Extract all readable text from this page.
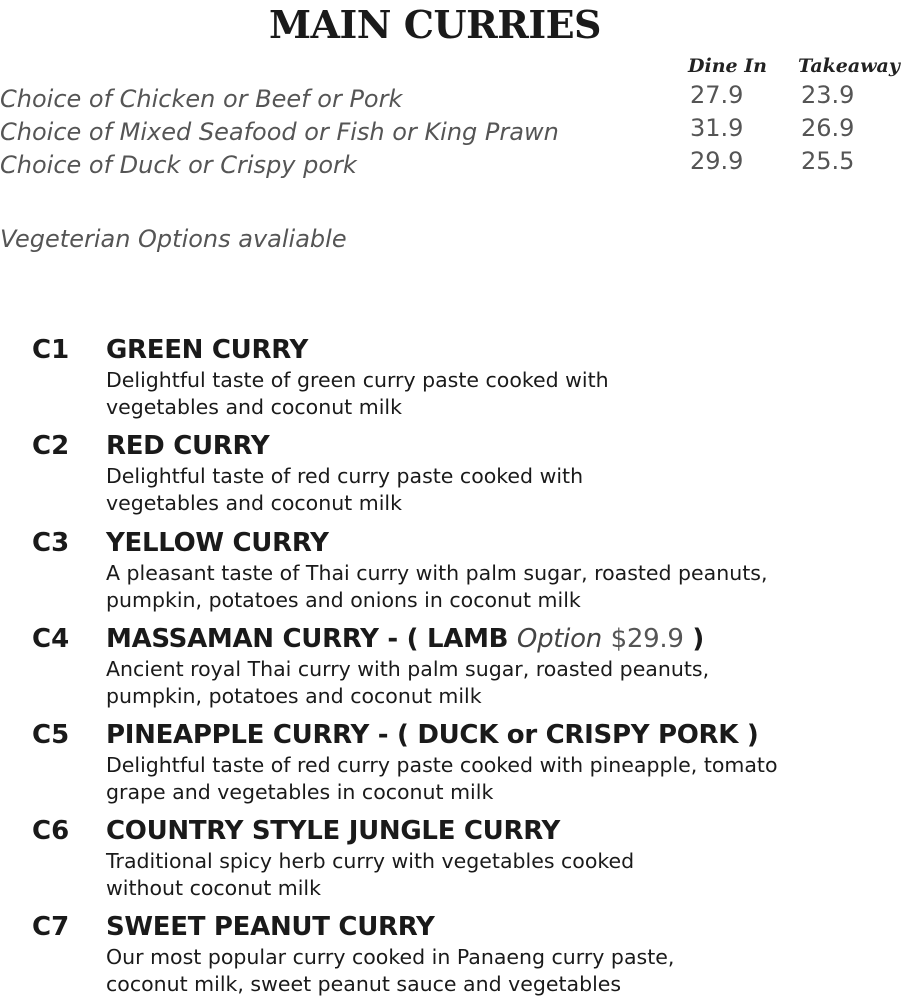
MAIN CURRIES
Dine In Takeaway
Choice of Chicken or Beef or Pork	27.9 23.9
Choice of Mixed Seafood or Fish or King Prawn	31.9 26.9
Choice of Duck or Crispy pork	29.9 25.5
Vegeterian Options avaliable
C1 GREEN CURRY
Delightful taste of green curry paste cooked with
vegetables and coconut milk
C2 RED CURRY
Delightful taste of red curry paste cooked with
vegetables and coconut milk
C3 YELLOW CURRY
A pleasant taste of Thai curry with palm sugar, roasted peanuts,
pumpkin, potatoes and onions in coconut milk
C4 MASSAMAN CURRY - ( LAMB Option $29.9 )
Ancient royal Thai curry with palm sugar, roasted peanuts,
pumpkin, potatoes and coconut milk
C5 PINEAPPLE CURRY - ( DUCK or CRISPY PORK )
Delightful taste of red curry paste cooked with pineapple, tomato
grape and vegetables in coconut milk
C6 COUNTRY STYLE JUNGLE CURRY
Traditional spicy herb curry with vegetables cooked
without coconut milk
C7 SWEET PEANUT CURRY
Our most popular curry cooked in Panaeng curry paste,
coconut milk, sweet peanut sauce and vegetables
